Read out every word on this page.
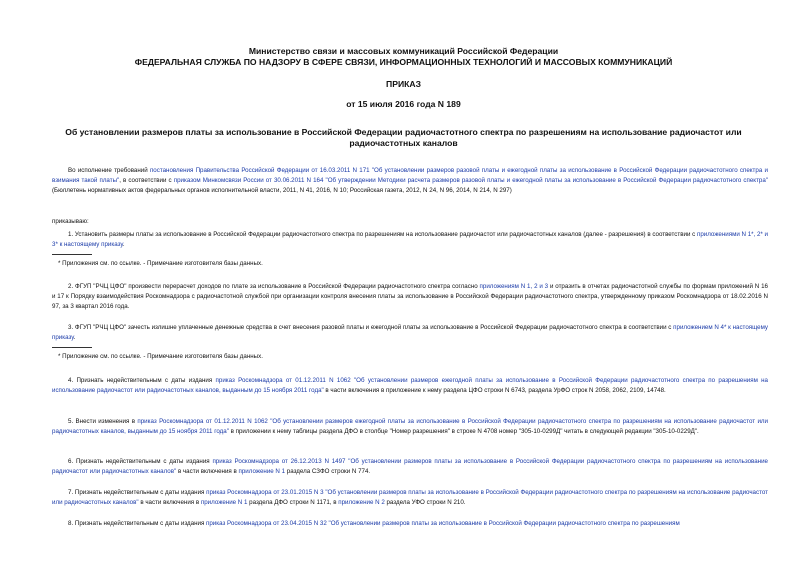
Министерство связи и массовых коммуникаций Российской Федерации
ФЕДЕРАЛЬНАЯ СЛУЖБА ПО НАДЗОРУ В СФЕРЕ СВЯЗИ, ИНФОРМАЦИОННЫХ ТЕХНОЛОГИЙ И МАССОВЫХ КОММУНИКАЦИЙ
ПРИКАЗ
от 15 июля 2016 года N 189
Об установлении размеров платы за использование в Российской Федерации радиочастотного спектра по разрешениям на использование радиочастот или радиочастотных каналов
Во исполнение требований постановления Правительства Российской Федерации от 16.03.2011 N 171 "Об установлении размеров разовой платы и ежегодной платы за использование в Российской Федерации радиочастотного спектра и взимания такой платы", в соответствии с приказом Минкомсвязи России от 30.06.2011 N 164 "Об утверждении Методики расчета размеров разовой платы и ежегодной платы за использование в Российской Федерации радиочастотного спектра" (Бюллетень нормативных актов федеральных органов исполнительной власти, 2011, N 41, 2016, N 10; Российская газета, 2012, N 24, N 96, 2014, N 214, N 297)
приказываю:
1. Установить размеры платы за использование в Российской Федерации радиочастотного спектра по разрешениям на использование радиочастот или радиочастотных каналов (далее - разрешения) в соответствии с приложениями N 1*, 2* и 3* к настоящему приказу.
* Приложения см. по ссылке. - Примечание изготовителя базы данных.
2. ФГУП "РЧЦ ЦФО" произвести перерасчет доходов по плате за использование в Российской Федерации радиочастотного спектра согласно приложениям N 1, 2 и 3 и отразить в отчетах радиочастотной службы по формам приложений N 16 и 17 к Порядку взаимодействия Роскомнадзора с радиочастотной службой при организации контроля внесения платы за использование в Российской Федерации радиочастотного спектра, утвержденному приказом Роскомнадзора от 18.02.2016 N 97, за 3 квартал 2016 года.
3. ФГУП "РЧЦ ЦФО" зачесть излишне уплаченные денежные средства в счет внесения разовой платы и ежегодной платы за использование в Российской Федерации радиочастотного спектра в соответствии с приложением N 4* к настоящему приказу.
* Приложение см. по ссылке. - Примечание изготовителя базы данных.
4. Признать недействительным с даты издания приказ Роскомнадзора от 01.12.2011 N 1062 "Об установлении размеров ежегодной платы за использование в Российской Федерации радиочастотного спектра по разрешениям на использование радиочастот или радиочастотных каналов, выданным до 15 ноября 2011 года" в части включения в приложение к нему раздела ЦФО строки N 6743, раздела УрФО строк N 2058, 2062, 2109, 14748.
5. Внести изменения в приказ Роскомнадзора от 01.12.2011 N 1062 "Об установлении размеров ежегодной платы за использование в Российской Федерации радиочастотного спектра по разрешениям на использование радиочастот или радиочастотных каналов, выданным до 15 ноября 2011 года" в приложении к нему таблицы раздела ДФО в столбце "Номер разрешения" в строке N 4708 номер "305-10-0299Д" читать в следующей редакции "305-10-0229Д".
6. Признать недействительным с даты издания приказ Роскомнадзора от 26.12.2013 N 1497 "Об установлении размеров платы за использование в Российской Федерации радиочастотного спектра по разрешениям на использование радиочастот или радиочастотных каналов" в части включения в приложение N 1 раздела СЗФО строки N 774.
7. Признать недействительным с даты издания приказ Роскомнадзора от 23.01.2015 N 3 "Об установлении размеров платы за использование в Российской Федерации радиочастотного спектра по разрешениям на использование радиочастот или радиочастотных каналов" в части включения в приложение N 1 раздела ДФО строки N 1171, в приложение N 2 раздела УФО строки N 210.
8. Признать недействительным с даты издания приказ Роскомнадзора от 23.04.2015 N 32 "Об установлении размеров платы за использование в Российской Федерации радиочастотного спектра по разрешениям
